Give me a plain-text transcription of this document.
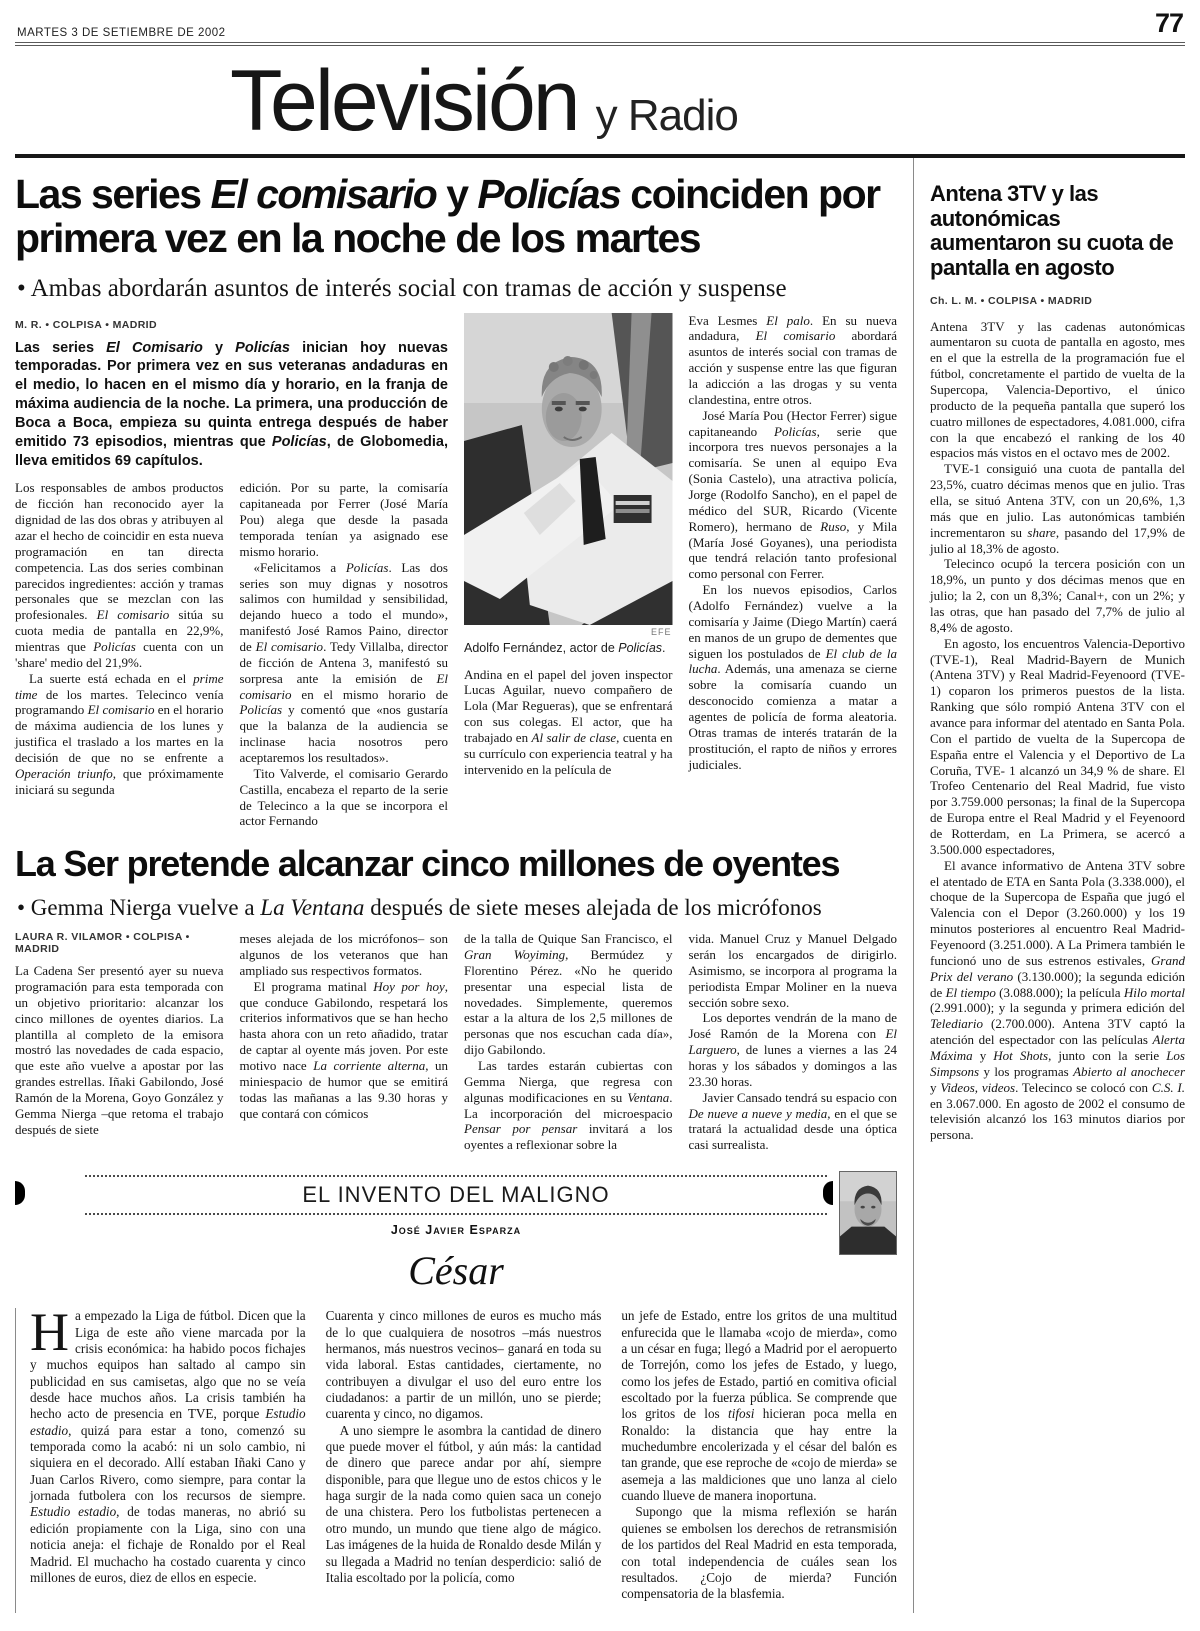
MARTES 3 DE SETIEMBRE DE 2002	77
Televisión y Radio
Las series El comisario y Policías coinciden por primera vez en la noche de los martes
• Ambas abordarán asuntos de interés social con tramas de acción y suspense
M. R. • COLPISA • MADRID
Las series El Comisario y Policías inician hoy nuevas temporadas. Por primera vez en sus veteranas andaduras en el medio, lo hacen en el mismo día y horario, en la franja de máxima audiencia de la noche. La primera, una producción de Boca a Boca, empieza su quinta entrega después de haber emitido 73 episodios, mientras que Policías, de Globomedia, lleva emitidos 69 capítulos.

Los responsables de ambos productos de ficción han reconocido ayer la dignidad de las dos obras y atribuyen al azar el hecho de coincidir en esta nueva programación en tan directa competencia. Las dos series combinan parecidos ingredientes: acción y tramas personales que se mezclan con las profesionales. El comisario sitúa su cuota media de pantalla en 22,9%, mientras que Policías cuenta con un 'share' medio del 21,9%.

La suerte está echada en el prime time de los martes. Telecinco venía programando El comisario en el horario de máxima audiencia de los lunes y justifica el traslado a los martes en la decisión de que no se enfrente a Operación triunfo, que próximamente iniciará su segunda

edición. Por su parte, la comisaría capitaneada por Ferrer (José María Pou) alega que desde la pasada temporada tenían ya asignado ese mismo horario.

«Felicitamos a Policías. Las dos series son muy dignas y nosotros salimos con humildad y sensibilidad, dejando hueco a todo el mundo», manifestó José Ramos Paino, director de El comisario. Tedy Villalba, director de ficción de Antena 3, manifestó su sorpresa ante la emisión de El comisario en el mismo horario de Policías y comentó que «nos gustaría que la balanza de la audiencia se inclinase hacia nosotros pero aceptaremos los resultados».

Tito Valverde, el comisario Gerardo Castilla, encabeza el reparto de la serie de Telecinco a la que se incorpora el actor Fernando

EFE
Adolfo Fernández, actor de Policías.

Andina en el papel del joven inspector Lucas Aguilar, nuevo compañero de Lola (Mar Regueras), que se enfrentará con sus colegas. El actor, que ha trabajado en Al salir de clase, cuenta en su currículo con experiencia teatral y ha intervenido en la película de

Eva Lesmes El palo. En su nueva andadura, El comisario abordará asuntos de interés social con tramas de acción y suspense entre las que figuran la adicción a las drogas y su venta clandestina, entre otros.

José María Pou (Hector Ferrer) sigue capitaneando Policías, serie que incorpora tres nuevos personajes a la comisaría. Se unen al equipo Eva (Sonia Castelo), una atractiva policía, Jorge (Rodolfo Sancho), en el papel de médico del SUR, Ricardo (Vicente Romero), hermano de Ruso, y Mila (María José Goyanes), una periodista que tendrá relación tanto profesional como personal con Ferrer.

En los nuevos episodios, Carlos (Adolfo Fernández) vuelve a la comisaría y Jaime (Diego Martín) caerá en manos de un grupo de dementes que siguen los postulados de El club de la lucha. Además, una amenaza se cierne sobre la comisaría cuando un desconocido comienza a matar a agentes de policía de forma aleatoria. Otras tramas de interés tratarán de la prostitución, el rapto de niños y errores judiciales.

La Ser pretende alcanzar cinco millones de oyentes
• Gemma Nierga vuelve a La Ventana después de siete meses alejada de los micrófonos
LAURA R. VILAMOR • COLPISA • MADRID

La Cadena Ser presentó ayer su nueva programación para esta temporada con un objetivo prioritario: alcanzar los cinco millones de oyentes diarios. La plantilla al completo de la emisora mostró las novedades de cada espacio, que este año vuelve a apostar por las grandes estrellas. Iñaki Gabilondo, José Ramón de la Morena, Goyo González y Gemma Nierga –que retoma el trabajo después de siete

meses alejada de los micrófonos– son algunos de los veteranos que han ampliado sus respectivos formatos.

El programa matinal Hoy por hoy, que conduce Gabilondo, respetará los criterios informativos que se han hecho hasta ahora con un reto añadido, tratar de captar al oyente más joven. Por este motivo nace La corriente alterna, un miniespacio de humor que se emitirá todas las mañanas a las 9.30 horas y que contará con cómicos

de la talla de Quique San Francisco, el Gran Woyiming, Bermúdez y Florentino Pérez. «No he querido presentar una especial lista de novedades. Simplemente, queremos estar a la altura de los 2,5 millones de personas que nos escuchan cada día», dijo Gabilondo.

Las tardes estarán cubiertas con Gemma Nierga, que regresa con algunas modificaciones en su Ventana. La incorporación del microespacio Pensar por pensar invitará a los oyentes a reflexionar sobre la

vida. Manuel Cruz y Manuel Delgado serán los encargados de dirigirlo. Asimismo, se incorpora al programa la periodista Empar Moliner en la nueva sección sobre sexo.

Los deportes vendrán de la mano de José Ramón de la Morena con El Larguero, de lunes a viernes a las 24 horas y los sábados y domingos a las 23.30 horas.

Javier Cansado tendrá su espacio con De nueve a nueve y media, en el que se tratará la actualidad desde una óptica casi surrealista.

EL INVENTO DEL MALIGNO
José Javier Esparza
César

Ha empezado la Liga de fútbol. Dicen que la Liga de este año viene marcada por la crisis económica: ha habido pocos fichajes y muchos equipos han saltado al campo sin publicidad en sus camisetas, algo que no se veía desde hace muchos años. La crisis también ha hecho acto de presencia en TVE, porque Estudio estadio, quizá para estar a tono, comenzó su temporada como la acabó: ni un solo cambio, ni siquiera en el decorado. Allí estaban Iñaki Cano y Juan Carlos Rivero, como siempre, para contar la jornada futbolera con los recursos de siempre. Estudio estadio, de todas maneras, no abrió su edición propiamente con la Liga, sino con una noticia aneja: el fichaje de Ronaldo por el Real Madrid. El muchacho ha costado cuarenta y cinco millones de euros, diez de ellos en especie.

Cuarenta y cinco millones de euros es mucho más de lo que cualquiera de nosotros –más nuestros hermanos, más nuestros vecinos– ganará en toda su vida laboral. Estas cantidades, ciertamente, no contribuyen a divulgar el uso del euro entre los ciudadanos: a partir de un millón, uno se pierde; cuarenta y cinco, no digamos.

A uno siempre le asombra la cantidad de dinero que puede mover el fútbol, y aún más: la cantidad de dinero que parece andar por ahí, siempre disponible, para que llegue uno de estos chicos y le haga surgir de la nada como quien saca un conejo de una chistera. Pero los futbolistas pertenecen a otro mundo, un mundo que tiene algo de mágico. Las imágenes de la huida de Ronaldo desde Milán y su llegada a Madrid no tenían desperdicio: salió de Italia escoltado por la policía, como

un jefe de Estado, entre los gritos de una multitud enfurecida que le llamaba «cojo de mierda», como a un césar en fuga; llegó a Madrid por el aeropuerto de Torrejón, como los jefes de Estado, y luego, como los jefes de Estado, partió en comitiva oficial escoltado por la fuerza pública. Se comprende que los gritos de los tifosi hicieran poca mella en Ronaldo: la distancia que hay entre la muchedumbre encolerizada y el césar del balón es tan grande, que ese reproche de «cojo de mierda» se asemeja a las maldiciones que uno lanza al cielo cuando llueve de manera inoportuna.

Supongo que la misma reflexión se harán quienes se embolsen los derechos de retransmisión de los partidos del Real Madrid en esta temporada, con total independencia de cuáles sean los resultados. ¿Cojo de mierda? Función compensatoria de la blasfemia.

Antena 3TV y las autonómicas aumentaron su cuota de pantalla en agosto
Ch. L. M. • COLPISA • MADRID

Antena 3TV y las cadenas autonómicas aumentaron su cuota de pantalla en agosto, mes en el que la estrella de la programación fue el fútbol, concretamente el partido de vuelta de la Supercopa, Valencia-Deportivo, el único producto de la pequeña pantalla que superó los cuatro millones de espectadores, 4.081.000, cifra con la que encabezó el ranking de los 40 espacios más vistos en el octavo mes de 2002.

TVE-1 consiguió una cuota de pantalla del 23,5%, cuatro décimas menos que en julio. Tras ella, se situó Antena 3TV, con un 20,6%, 1,3 más que en julio. Las autonómicas también incrementaron su share, pasando del 17,9% de julio al 18,3% de agosto.

Telecinco ocupó la tercera posición con un 18,9%, un punto y dos décimas menos que en julio; la 2, con un 8,3%; Canal+, con un 2%; y las otras, que han pasado del 7,7% de julio al 8,4% de agosto.

En agosto, los encuentros Valencia-Deportivo (TVE-1), Real Madrid-Bayern de Munich (Antena 3TV) y Real Madrid-Feyenoord (TVE-1) coparon los primeros puestos de la lista. Ranking que sólo rompió Antena 3TV con el avance para informar del atentado en Santa Pola. Con el partido de vuelta de la Supercopa de España entre el Valencia y el Deportivo de La Coruña, TVE- 1 alcanzó un 34,9 % de share. El Trofeo Centenario del Real Madrid, fue visto por 3.759.000 personas; la final de la Supercopa de Europa entre el Real Madrid y el Feyenoord de Rotterdam, en La Primera, se acercó a 3.500.000 espectadores,

El avance informativo de Antena 3TV sobre el atentado de ETA en Santa Pola (3.338.000), el choque de la Supercopa de España que jugó el Valencia con el Depor (3.260.000) y los 19 minutos posteriores al encuentro Real Madrid-Feyenoord (3.251.000). A La Primera también le funcionó uno de sus estrenos estivales, Grand Prix del verano (3.130.000); la segunda edición de El tiempo (3.088.000); la película Hilo mortal (2.991.000); y la segunda y primera edición del Telediario (2.700.000). Antena 3TV captó la atención del espectador con las películas Alerta Máxima y Hot Shots, junto con la serie Los Simpsons y los programas Abierto al anochecer y Videos, videos. Telecinco se colocó con C.S. I. en 3.067.000. En agosto de 2002 el consumo de televisión alcanzó los 163 minutos diarios por persona.
